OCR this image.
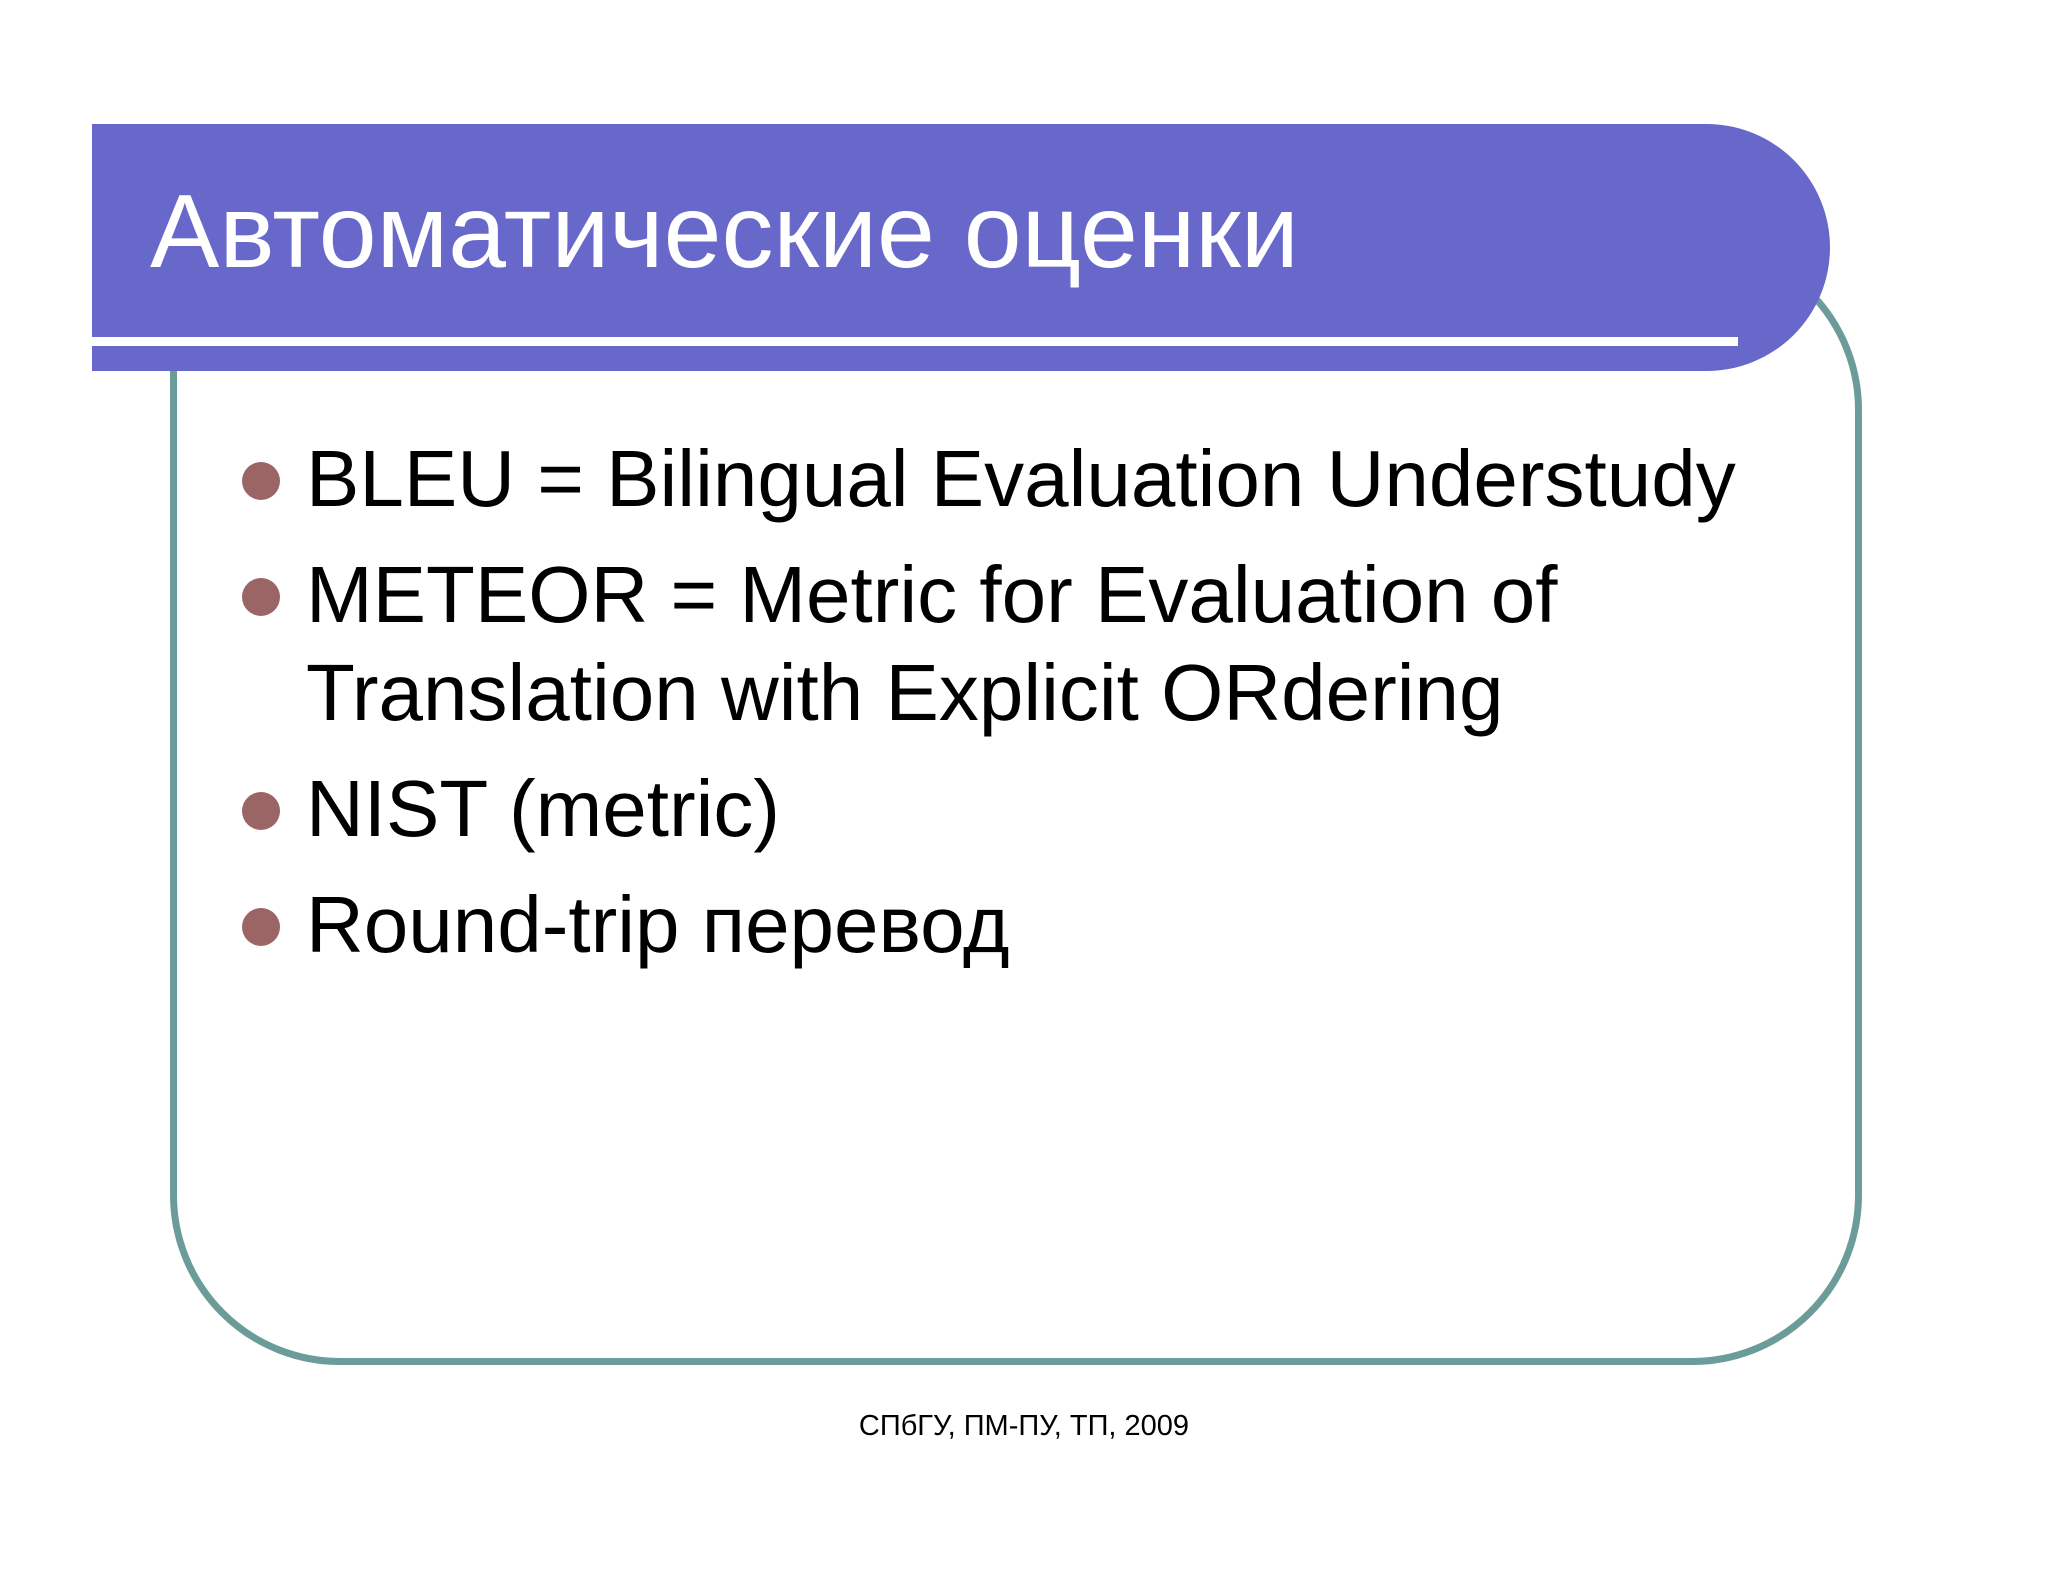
Автоматические оценки
BLEU = Bilingual Evaluation Understudy
METEOR = Metric for Evaluation of Translation with Explicit ORdering
NIST (metric)
Round-trip перевод
СПбГУ, ПМ-ПУ, ТП, 2009
